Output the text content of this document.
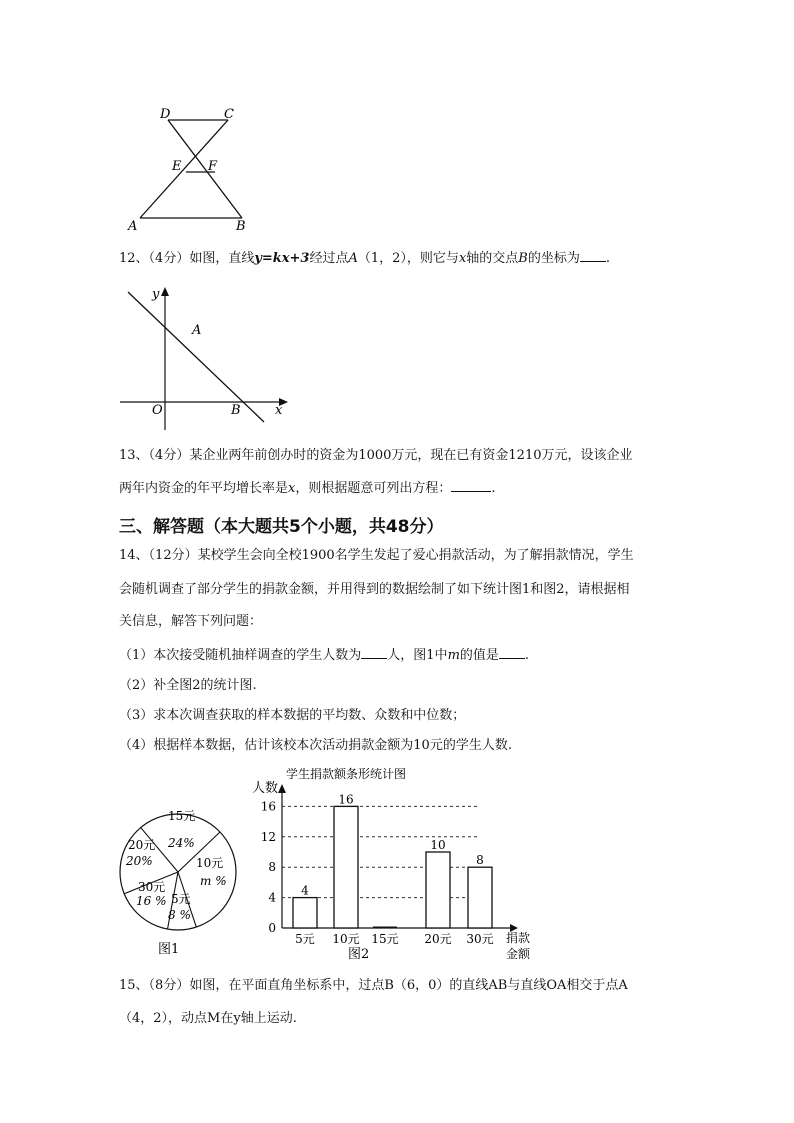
D	C
E F
A	B
12、（4分）如图，直线y=kx+3经过点A（1，2），则它与x轴的交点B的坐标为 .
y
x
O
A
B
13、（4分）某企业两年前创办时的资金为1000万元，现在已有资金1210万元，设该企业
两年内资金的年平均增长率是x，则根据题意可列出方程：	.
三、解答题（本大题共5个小题，共48分）
14、（12分）某校学生会向全校1900名学生发起了爱心捐款活动，为了解捐款情况，学生
会随机调查了部分学生的捐款金额，并用得到的数据绘制了如下统计图1和图2，请根据相
关信息，解答下列问题：
（1）本次接受随机抽样调查的学生人数为 人，图1中m的值是 .
（2）补全图2的统计图.
（3）求本次调查获取的样本数据的平均数、众数和中位数；
（4）根据样本数据，估计该校本次活动捐款金额为10元的学生人数.
15元
24%
10元
m %
20元
20%
30元
16 % 5元
8 %
图1
学生捐款额条形统计图
人数
捐款
金额
图2
0
4
8
12
16
4
5元
16
10元 15元
10
20元
8
30元
15、（8分）如图，在平面直角坐标系中，过点B（6，0）的直线AB与直线OA相交于点A
（4，2），动点M在y轴上运动.
